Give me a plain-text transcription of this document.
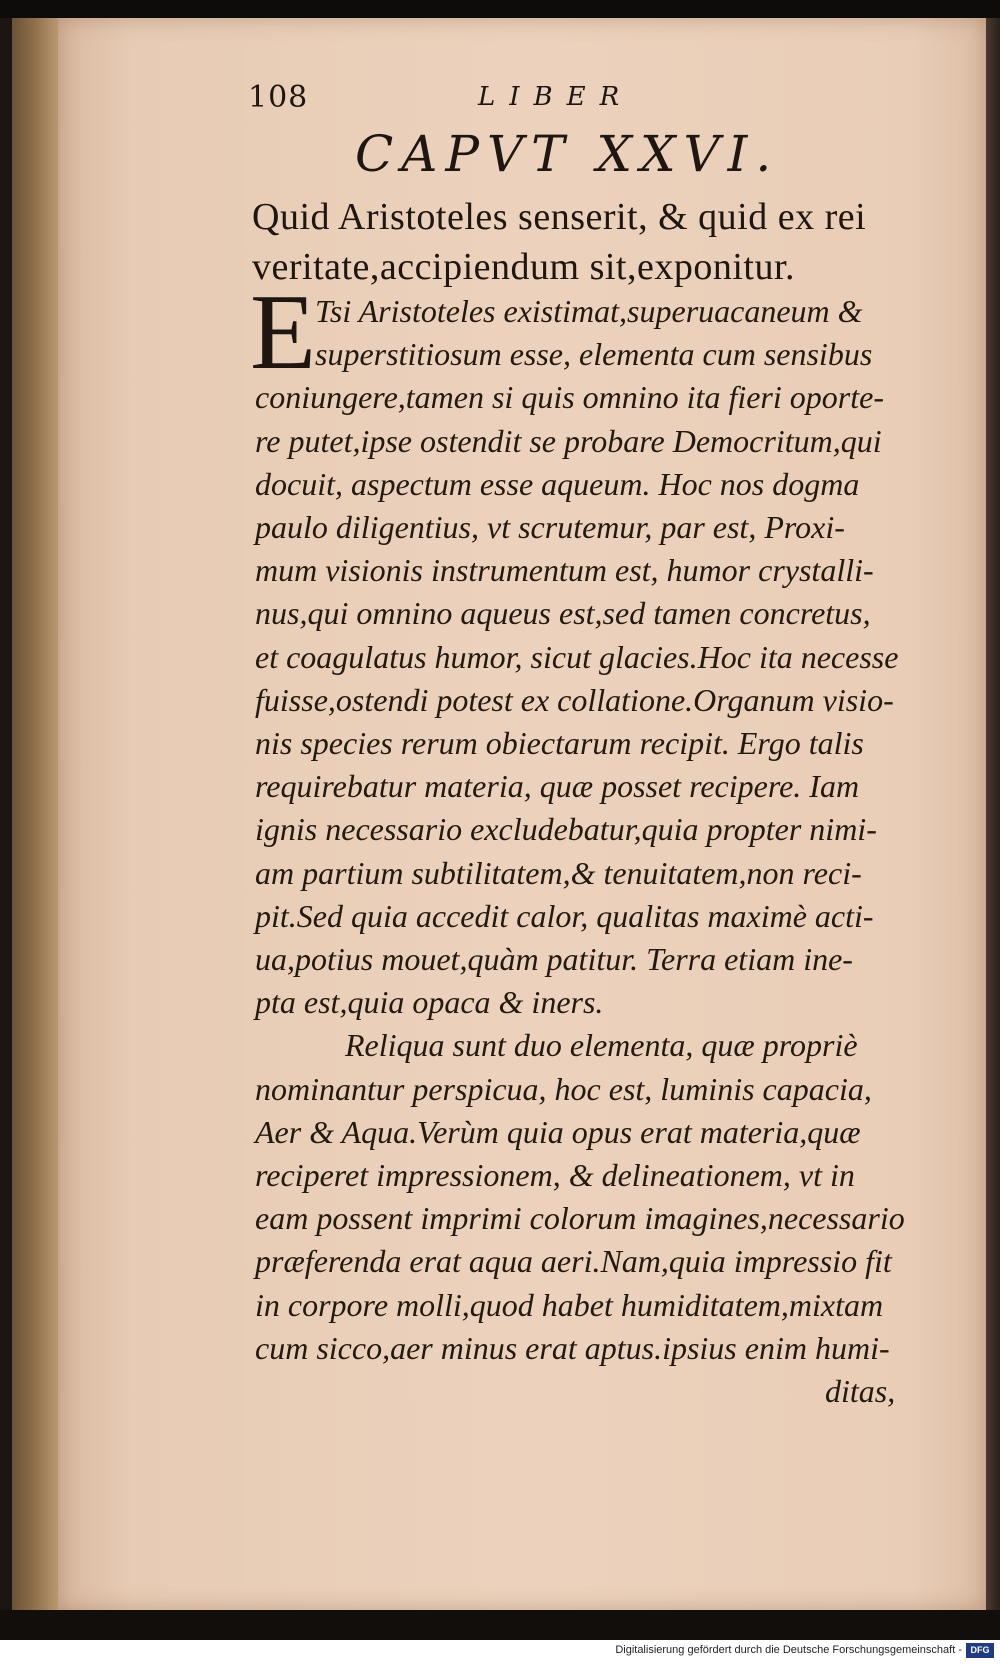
108	LIBER
CAPVT XXVI.
Quid Aristoteles senserit, & quid ex rei
veritate,accipiendum sit,exponitur.
E Tsi Aristoteles existimat,superuacaneum &
superstitiosum esse, elementa cum sensibus
coniungere,tamen si quis omnino ita fieri oporte-
re putet,ipse ostendit se probare Democritum,qui
docuit, aspectum esse aqueum. Hoc nos dogma
paulo diligentius, vt scrutemur, par est, Proxi-
mum visionis instrumentum est, humor crystalli-
nus,qui omnino aqueus est,sed tamen concretus,
et coagulatus humor, sicut glacies.Hoc ita necesse
fuisse,ostendi potest ex collatione.Organum visio-
nis species rerum obiectarum recipit. Ergo talis
requirebatur materia, quæ posset recipere. Iam
ignis necessario excludebatur,quia propter nimi-
am partium subtilitatem,& tenuitatem,non reci-
pit.Sed quia accedit calor, qualitas maximè acti-
ua,potius mouet,quàm patitur. Terra etiam ine-
pta est,quia opaca & iners.
Reliqua sunt duo elementa, quæ propriè
nominantur perspicua, hoc est, luminis capacia,
Aer & Aqua.Verùm quia opus erat materia,quæ
reciperet impressionem, & delineationem, vt in
eam possent imprimi colorum imagines,necessario
præferenda erat aqua aeri.Nam,quia impressio fit
in corpore molli,quod habet humiditatem,mixtam
cum sicco,aer minus erat aptus.ipsius enim humi-
ditas,
Digitalisierung gefördert durch die Deutsche Forschungsgemeinschaft - DFG
